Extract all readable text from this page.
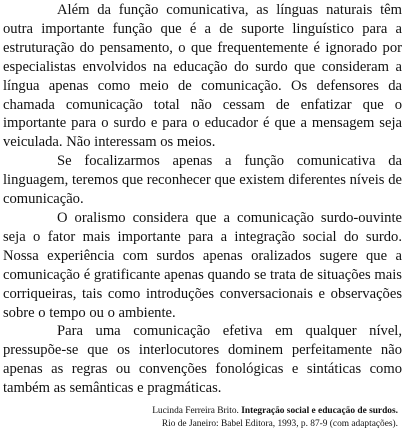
Além da função comunicativa, as línguas naturais têm outra importante função que é a de suporte linguístico para a estruturação do pensamento, o que frequentemente é ignorado por especialistas envolvidos na educação do surdo que consideram a língua apenas como meio de comunicação. Os defensores da chamada comunicação total não cessam de enfatizar que o importante para o surdo e para o educador é que a mensagem seja veiculada. Não interessam os meios.

Se focalizarmos apenas a função comunicativa da linguagem, teremos que reconhecer que existem diferentes níveis de comunicação.

O oralismo considera que a comunicação surdo-ouvinte seja o fator mais importante para a integração social do surdo. Nossa experiência com surdos apenas oralizados sugere que a comunicação é gratificante apenas quando se trata de situações mais corriqueiras, tais como introduções conversacionais e observações sobre o tempo ou o ambiente.

Para uma comunicação efetiva em qualquer nível, pressupõe-se que os interlocutores dominem perfeitamente não apenas as regras ou convenções fonológicas e sintáticas como também as semânticas e pragmáticas.

Lucinda Ferreira Brito. Integração social e educação de surdos.
Rio de Janeiro: Babel Editora, 1993, p. 87-9 (com adaptações).
